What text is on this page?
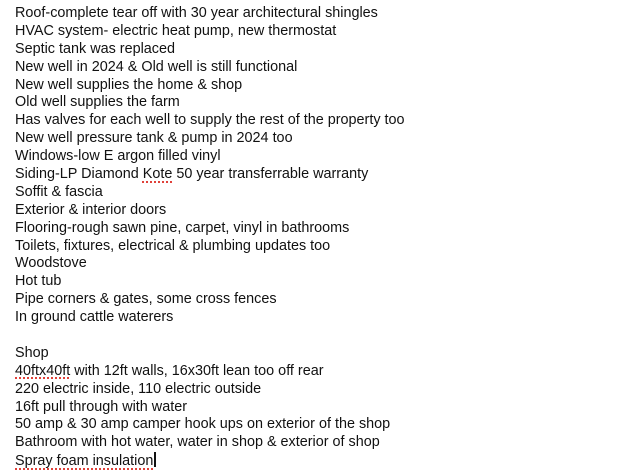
Roof-complete tear off with 30 year architectural shingles
HVAC system- electric heat pump, new thermostat
Septic tank was replaced
New well in 2024 & Old well is still functional
New well supplies the home & shop
Old well supplies the farm
Has valves for each well to supply the rest of the property too
New well pressure tank & pump in 2024 too
Windows-low E argon filled vinyl
Siding-LP Diamond Kote 50 year transferrable warranty
Soffit & fascia
Exterior & interior doors
Flooring-rough sawn pine, carpet, vinyl in bathrooms
Toilets, fixtures, electrical & plumbing updates too
Woodstove
Hot tub
Pipe corners & gates, some cross fences
In ground cattle waterers
Shop
40ftx40ft with 12ft walls, 16x30ft lean too off rear
220 electric inside, 110 electric outside
16ft pull through with water
50 amp & 30 amp camper hook ups on exterior of the shop
Bathroom with hot water, water in shop & exterior of shop
Spray foam insulation
